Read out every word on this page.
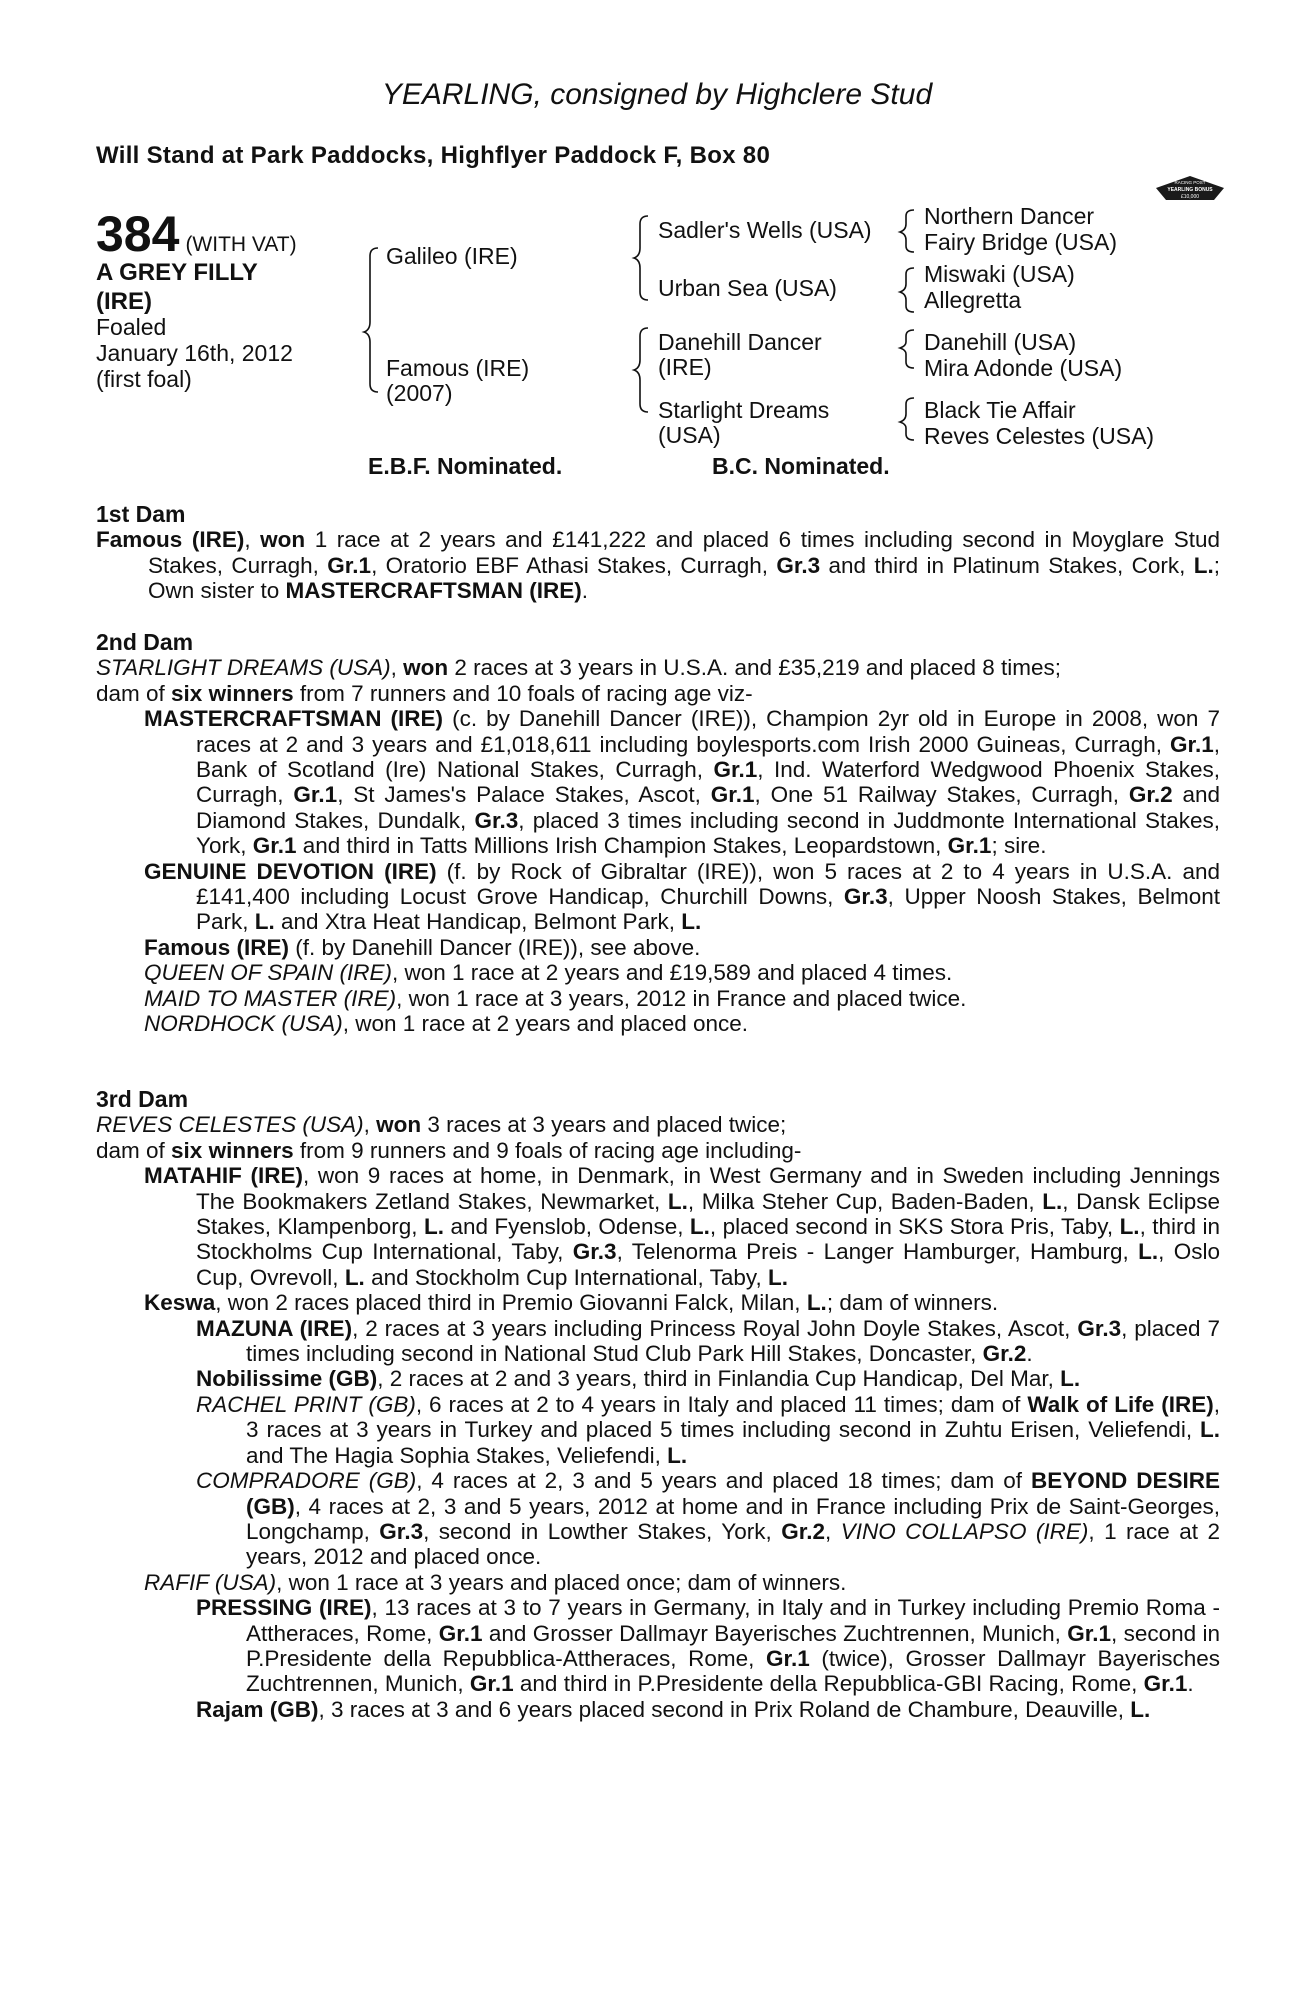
YEARLING, consigned by Highclere Stud
Will Stand at Park Paddocks, Highflyer Paddock F, Box 80
RACING POST
YEARLING BONUS
£10,000
384 (WITH VAT)
A GREY FILLY
(IRE)
Foaled
January 16th, 2012
(first foal)
Galileo (IRE)
Famous (IRE)
(2007)
Sadler's Wells (USA)
Urban Sea (USA)
Danehill Dancer
(IRE)
Starlight Dreams
(USA)
Northern Dancer
Fairy Bridge (USA)
Miswaki (USA)
Allegretta
Danehill (USA)
Mira Adonde (USA)
Black Tie Affair
Reves Celestes (USA)
E.B.F. Nominated.	B.C. Nominated.

1st Dam

Famous (IRE), won 1 race at 2 years and £141,222 and placed 6 times including second in Moyglare Stud Stakes, Curragh, Gr.1, Oratorio EBF Athasi Stakes, Curragh, Gr.3 and third in Platinum Stakes, Cork, L.; Own sister to MASTERCRAFTSMAN (IRE).

2nd Dam

STARLIGHT DREAMS (USA), won 2 races at 3 years in U.S.A. and £35,219 and placed 8 times;

dam of six winners from 7 runners and 10 foals of racing age viz-

MASTERCRAFTSMAN (IRE) (c. by Danehill Dancer (IRE)), Champion 2yr old in Europe in 2008, won 7 races at 2 and 3 years and £1,018,611 including boylesports.com Irish 2000 Guineas, Curragh, Gr.1, Bank of Scotland (Ire) National Stakes, Curragh, Gr.1, Ind. Waterford Wedgwood Phoenix Stakes, Curragh, Gr.1, St James's Palace Stakes, Ascot, Gr.1, One 51 Railway Stakes, Curragh, Gr.2 and Diamond Stakes, Dundalk, Gr.3, placed 3 times including second in Juddmonte International Stakes, York, Gr.1 and third in Tatts Millions Irish Champion Stakes, Leopardstown, Gr.1; sire.

GENUINE DEVOTION (IRE) (f. by Rock of Gibraltar (IRE)), won 5 races at 2 to 4 years in U.S.A. and £141,400 including Locust Grove Handicap, Churchill Downs, Gr.3, Upper Noosh Stakes, Belmont Park, L. and Xtra Heat Handicap, Belmont Park, L.

Famous (IRE) (f. by Danehill Dancer (IRE)), see above.

QUEEN OF SPAIN (IRE), won 1 race at 2 years and £19,589 and placed 4 times.

MAID TO MASTER (IRE), won 1 race at 3 years, 2012 in France and placed twice.

NORDHOCK (USA), won 1 race at 2 years and placed once.

3rd Dam

REVES CELESTES (USA), won 3 races at 3 years and placed twice;

dam of six winners from 9 runners and 9 foals of racing age including-

MATAHIF (IRE), won 9 races at home, in Denmark, in West Germany and in Sweden including Jennings The Bookmakers Zetland Stakes, Newmarket, L., Milka Steher Cup, Baden-Baden, L., Dansk Eclipse Stakes, Klampenborg, L. and Fyenslob, Odense, L., placed second in SKS Stora Pris, Taby, L., third in Stockholms Cup International, Taby, Gr.3, Telenorma Preis - Langer Hamburger, Hamburg, L., Oslo Cup, Ovrevoll, L. and Stockholm Cup International, Taby, L.

Keswa, won 2 races placed third in Premio Giovanni Falck, Milan, L.; dam of winners.

MAZUNA (IRE), 2 races at 3 years including Princess Royal John Doyle Stakes, Ascot, Gr.3, placed 7 times including second in National Stud Club Park Hill Stakes, Doncaster, Gr.2.

Nobilissime (GB), 2 races at 2 and 3 years, third in Finlandia Cup Handicap, Del Mar, L.

RACHEL PRINT (GB), 6 races at 2 to 4 years in Italy and placed 11 times; dam of Walk of Life (IRE), 3 races at 3 years in Turkey and placed 5 times including second in Zuhtu Erisen, Veliefendi, L. and The Hagia Sophia Stakes, Veliefendi, L.

COMPRADORE (GB), 4 races at 2, 3 and 5 years and placed 18 times; dam of BEYOND DESIRE (GB), 4 races at 2, 3 and 5 years, 2012 at home and in France including Prix de Saint-Georges, Longchamp, Gr.3, second in Lowther Stakes, York, Gr.2, VINO COLLAPSO (IRE), 1 race at 2 years, 2012 and placed once.

RAFIF (USA), won 1 race at 3 years and placed once; dam of winners.

PRESSING (IRE), 13 races at 3 to 7 years in Germany, in Italy and in Turkey including Premio Roma - Attheraces, Rome, Gr.1 and Grosser Dallmayr Bayerisches Zuchtrennen, Munich, Gr.1, second in P.Presidente della Repubblica-Attheraces, Rome, Gr.1 (twice), Grosser Dallmayr Bayerisches Zuchtrennen, Munich, Gr.1 and third in P.Presidente della Repubblica-GBI Racing, Rome, Gr.1.

Rajam (GB), 3 races at 3 and 6 years placed second in Prix Roland de Chambure, Deauville, L.
